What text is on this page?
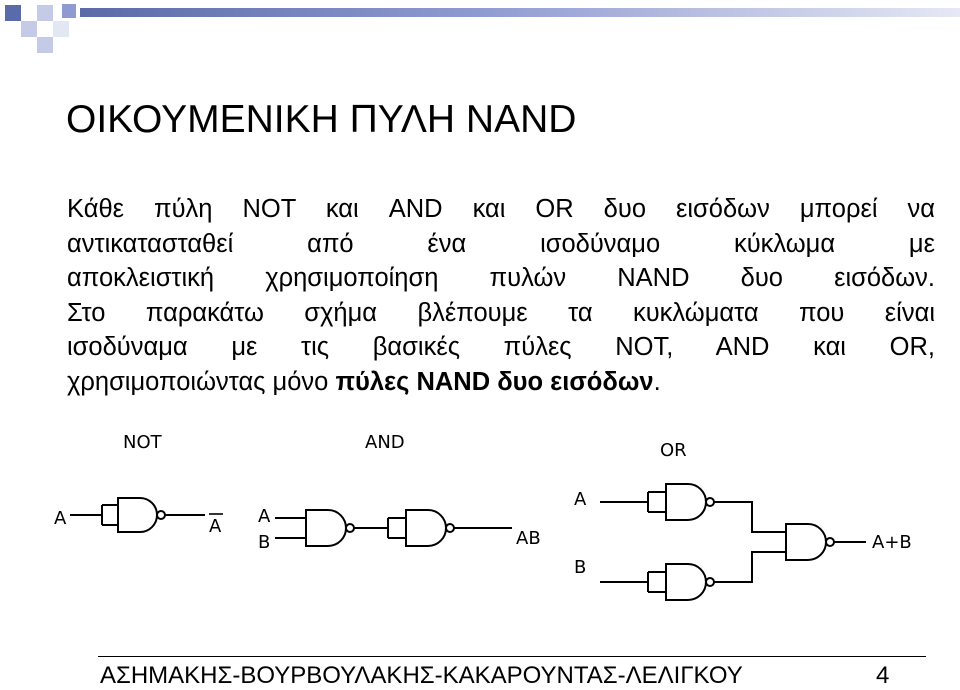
ΟΙΚΟΥΜΕΝΙΚΗ ΠΥΛΗ NAND
Κάθε πύλη NOT και AND και OR δυο εισόδων μπορεί να
αντικατασταθεί από ένα ισοδύναμο κύκλωμα με
αποκλειστική χρησιμοποίηση πυλών NAND δυο εισόδων.
Στο παρακάτω σχήμα βλέπουμε τα κυκλώματα που είναι
ισοδύναμα με τις βασικές πύλες NOT, AND και OR,
χρησιμοποιώντας μόνο πύλες NAND δυο εισόδων.
NOT	AND	OR
A	A A
B	AB
A
B
A+B
ΑΣΗΜΑΚΗΣ-ΒΟΥΡΒΟΥΛΑΚΗΣ-ΚΑΚΑΡΟΥΝΤΑΣ-ΛΕΛΙΓΚΟΥ	4
